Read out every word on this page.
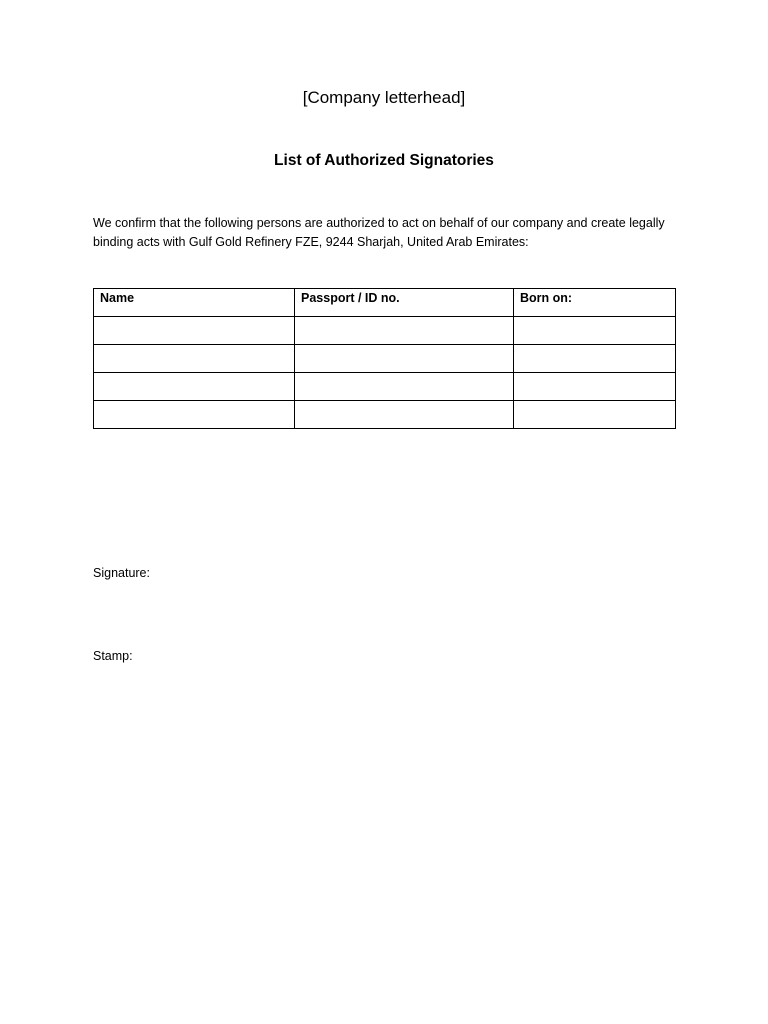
[Company letterhead]
List of Authorized Signatories

We confirm that the following persons are authorized to act on behalf of our company and create legally binding acts with Gulf Gold Refinery FZE, 9244 Sharjah, United Arab Emirates:

Name	Passport / ID no.	Born on:

Signature:
Stamp:
